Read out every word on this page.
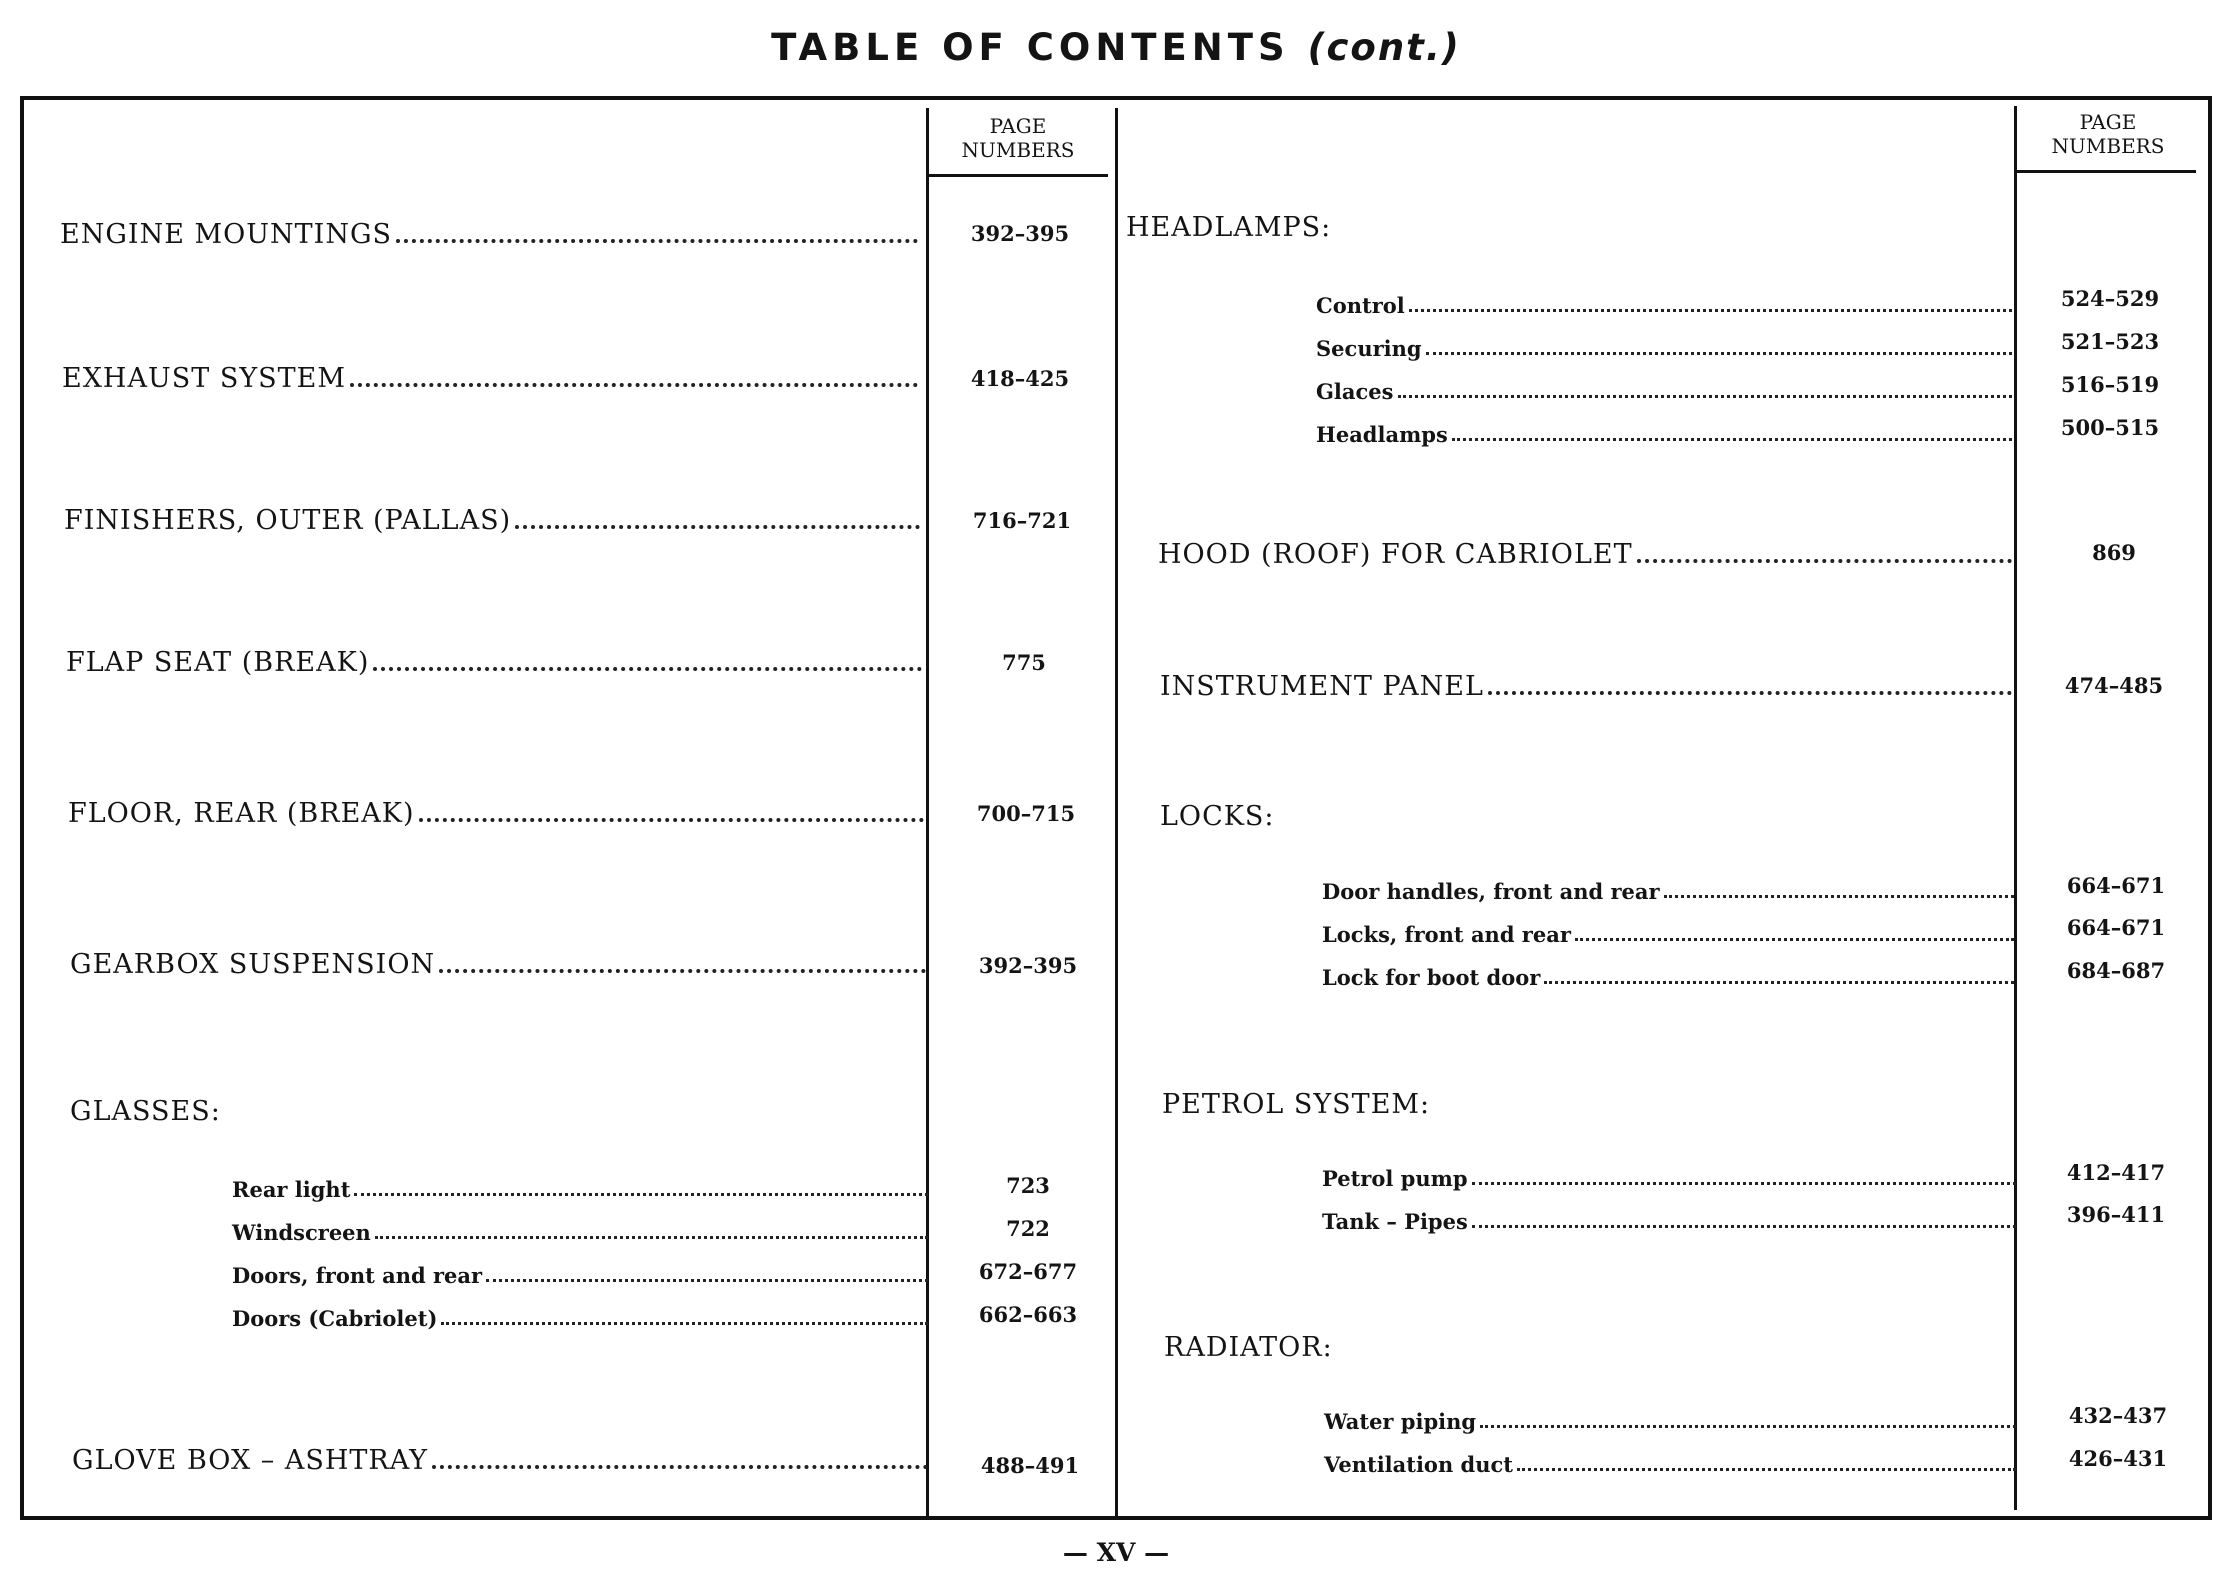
TABLE OF CONTENTS (cont.)
PAGE
NUMBERS
PAGE
NUMBERS
ENGINE MOUNTINGS	392–395
EXHAUST SYSTEM	418–425
FINISHERS, OUTER (PALLAS)	716–721
FLAP SEAT (BREAK)	775
FLOOR, REAR (BREAK)	700–715
GEARBOX SUSPENSION	392–395
GLASSES:
Rear light	723
Windscreen	722
Doors, front and rear	672–677
Doors (Cabriolet)	662–663
GLOVE BOX – ASHTRAY	488–491
HEADLAMPS:
Control	524–529
Securing	521–523
Glaces	516–519
Headlamps	500–515
HOOD (ROOF) FOR CABRIOLET	869
INSTRUMENT PANEL	474–485
LOCKS:
Door handles, front and rear	664–671
Locks, front and rear	664–671
Lock for boot door	684–687
PETROL SYSTEM:
Petrol pump	412–417
Tank – Pipes	396–411
RADIATOR:
Water piping	432–437
Ventilation duct	426–431
— XV —
